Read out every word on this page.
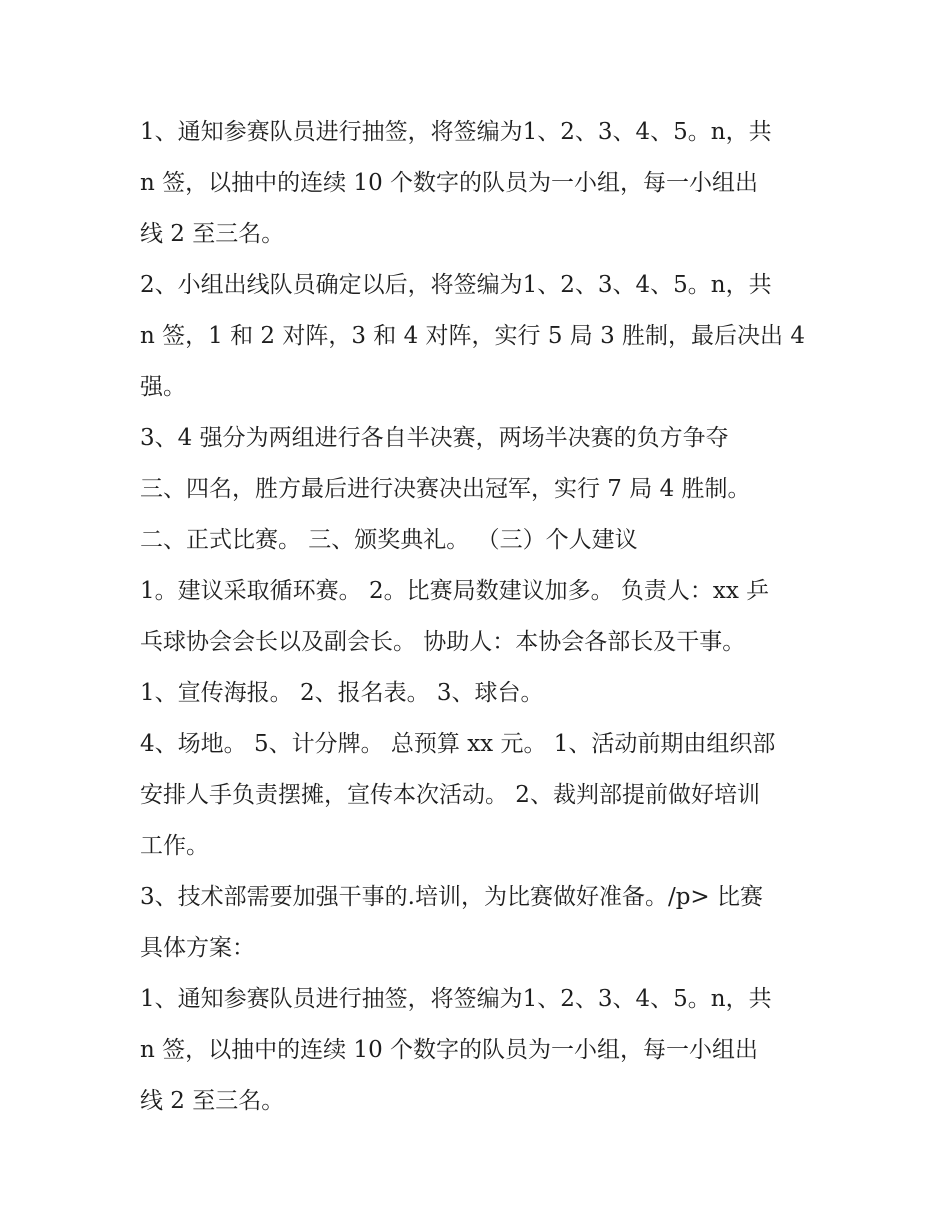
1、通知参赛队员进行抽签，将签编为1、2、3、4、5。n，共
n 签，以抽中的连续 10 个数字的队员为一小组，每一小组出
线 2 至三名。
2、小组出线队员确定以后，将签编为1、2、3、4、5。n，共
n 签，1 和 2 对阵，3 和 4 对阵，实行 5 局 3 胜制，最后决出 4
强。
3、4 强分为两组进行各自半决赛，两场半决赛的负方争夺
三、四名，胜方最后进行决赛决出冠军，实行 7 局 4 胜制。
二、正式比赛。 三、颁奖典礼。 （三）个人建议
1。建议采取循环赛。 2。比赛局数建议加多。 负责人：xx 乒
乓球协会会长以及副会长。 协助人：本协会各部长及干事。
1、宣传海报。 2、报名表。 3、球台。
4、场地。 5、计分牌。 总预算 xx 元。 1、活动前期由组织部
安排人手负责摆摊，宣传本次活动。 2、裁判部提前做好培训
工作。
3、技术部需要加强干事的.培训，为比赛做好准备。/p> 比赛
具体方案：
1、通知参赛队员进行抽签，将签编为1、2、3、4、5。n，共
n 签，以抽中的连续 10 个数字的队员为一小组，每一小组出
线 2 至三名。
